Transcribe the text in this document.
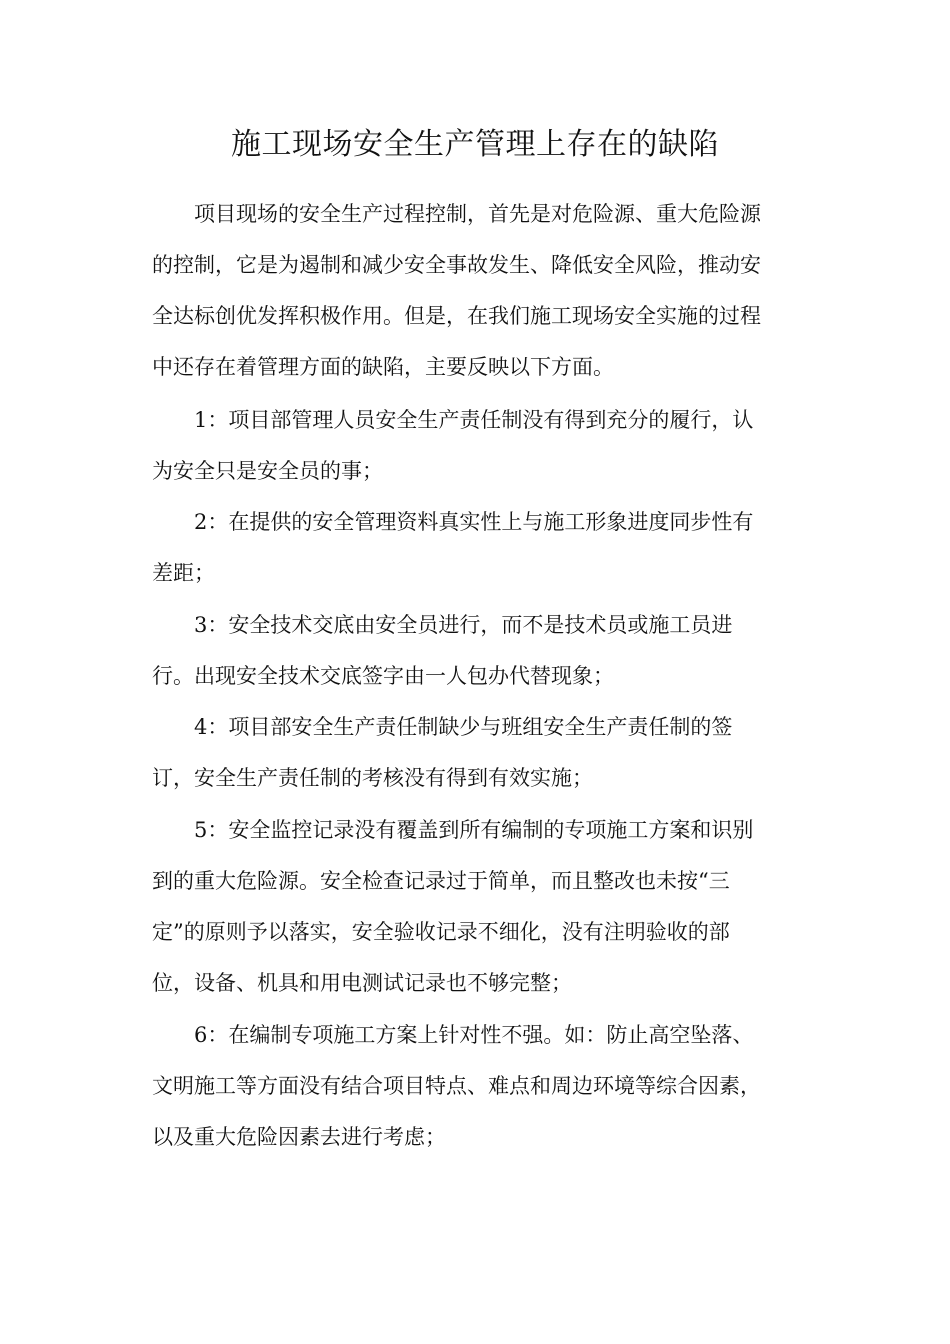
施工现场安全生产管理上存在的缺陷

项目现场的安全生产过程控制，首先是对危险源、重大危险源

的控制，它是为遏制和减少安全事故发生、降低安全风险，推动安

全达标创优发挥积极作用。但是，在我们施工现场安全实施的过程

中还存在着管理方面的缺陷，主要反映以下方面。

1：项目部管理人员安全生产责任制没有得到充分的履行，认

为安全只是安全员的事；

2：在提供的安全管理资料真实性上与施工形象进度同步性有

差距；

3：安全技术交底由安全员进行，而不是技术员或施工员进

行。出现安全技术交底签字由一人包办代替现象；

4：项目部安全生产责任制缺少与班组安全生产责任制的签

订，安全生产责任制的考核没有得到有效实施；

5：安全监控记录没有覆盖到所有编制的专项施工方案和识别

到的重大危险源。安全检查记录过于简单，而且整改也未按“三

定”的原则予以落实，安全验收记录不细化，没有注明验收的部

位，设备、机具和用电测试记录也不够完整；

6：在编制专项施工方案上针对性不强。如：防止高空坠落、

文明施工等方面没有结合项目特点、难点和周边环境等综合因素，

以及重大危险因素去进行考虑；
